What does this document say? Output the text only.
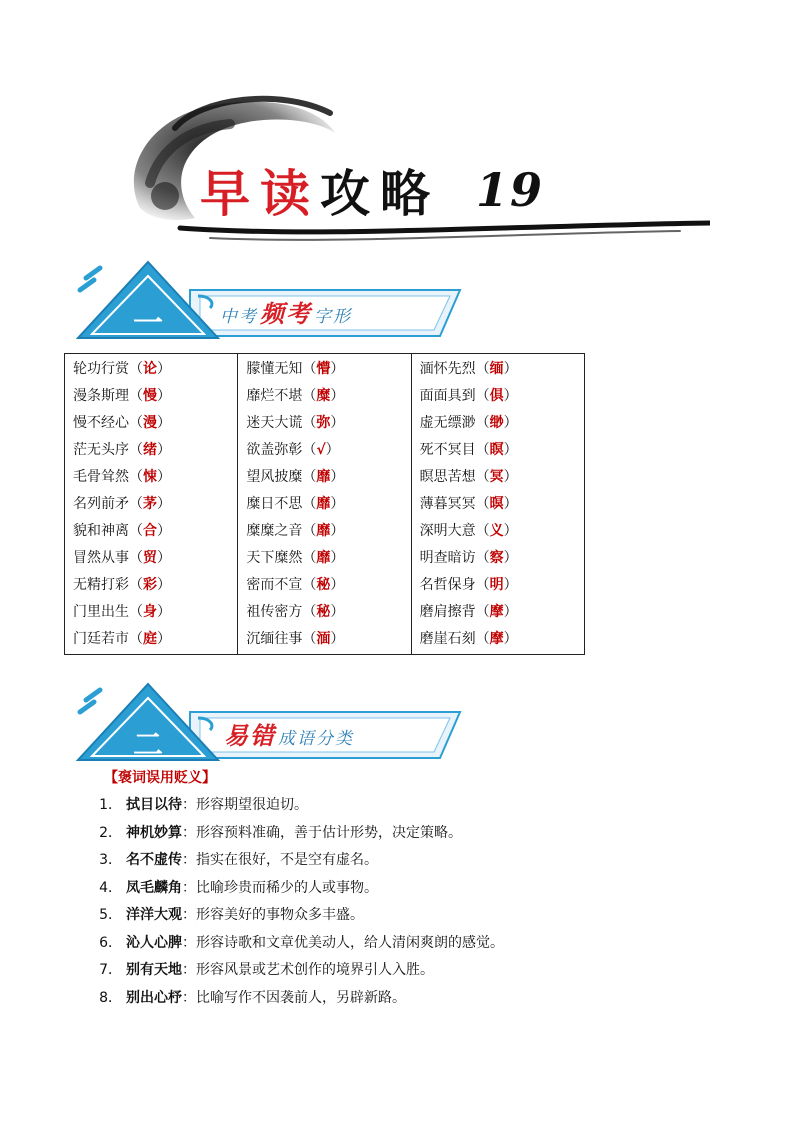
早读 攻略 19
一	中考 频考 字形
轮功行赏（论）
漫条斯理（慢）
慢不经心（漫）
茫无头序（绪）
毛骨耸然（悚）
名列前矛（茅）
貌和神离（合）
冒然从事（贸）
无精打彩（彩）
门里出生（身）
门廷若市（庭）
朦懂无知（懵）
靡烂不堪（糜）
迷天大谎（弥）
欲盖弥彰（√）
望风披糜（靡）
糜日不思（靡）
糜糜之音（靡）
天下糜然（靡）
密而不宣（秘）
祖传密方（秘）
沉缅往事（湎）
湎怀先烈（缅）
面面具到（俱）
虚无缥渺（缈）
死不冥目（瞑）
瞑思苦想（冥）
薄暮冥冥（暝）
深明大意（义）
明查暗访（察）
名哲保身（明）
磨肩擦背（摩）
磨崖石刻（摩）
二	易错 成语分类
【褒词误用贬义】
1． 拭目以待：形容期望很迫切。
2． 神机妙算：形容预料准确，善于估计形势，决定策略。
3． 名不虚传：指实在很好，不是空有虚名。
4． 凤毛麟角：比喻珍贵而稀少的人或事物。
5． 洋洋大观：形容美好的事物众多丰盛。
6． 沁人心脾：形容诗歌和文章优美动人，给人清闲爽朗的感觉。
7． 别有天地：形容风景或艺术创作的境界引人入胜。
8． 别出心杼：比喻写作不因袭前人，另辟新路。
